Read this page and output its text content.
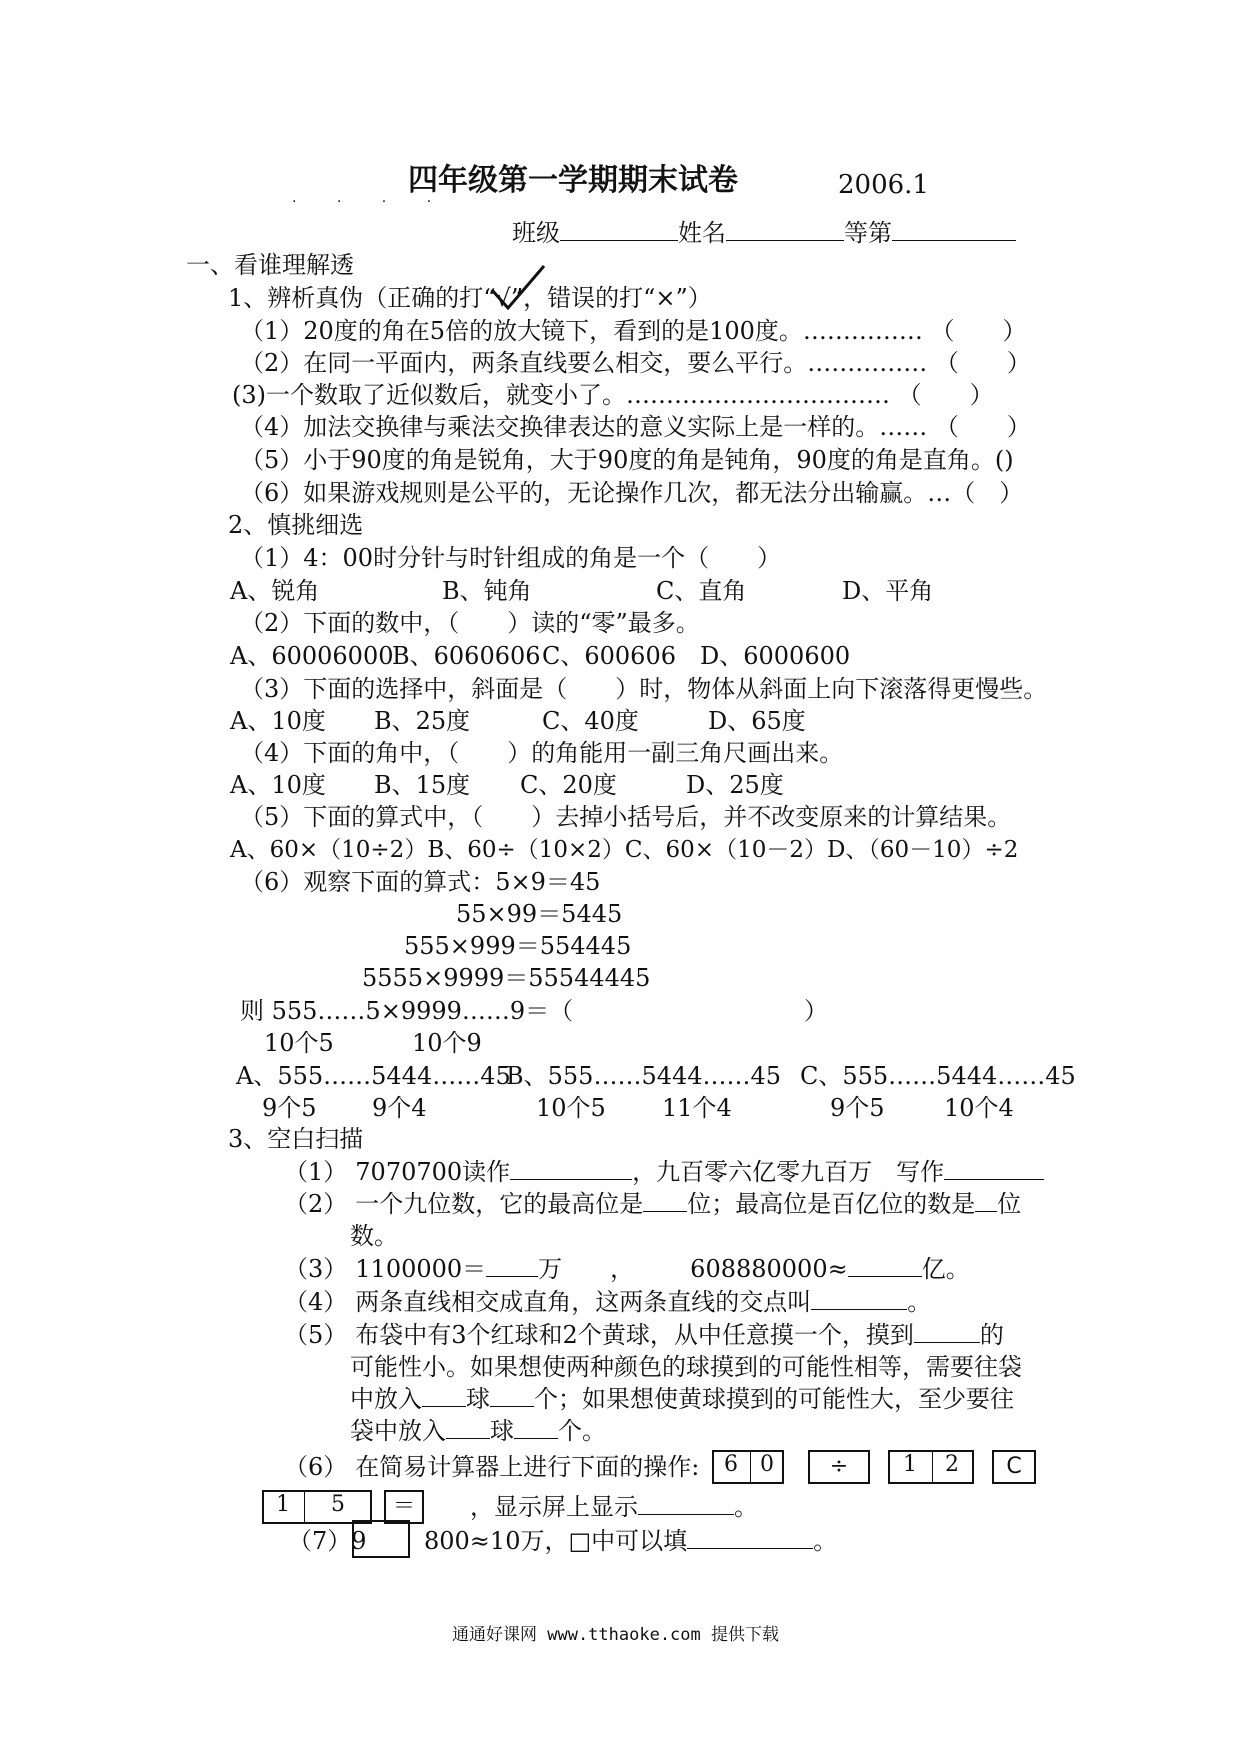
. . . .
四年级第一学期期末试卷	2006.1
班级	姓名	等第
一、看谁理解透
1、辨析真伪（正确的打“√”，错误的打“×”）
（1）20度的角在5倍的放大镜下，看到的是100度。…………… （　　）
（2）在同一平面内，两条直线要么相交，要么平行。…………… （　　）
(3)一个数取了近似数后，就变小了。…………………………… （　　）
（4）加法交换律与乘法交换律表达的意义实际上是一样的。…… （　　）
（5）小于90度的角是锐角，大于90度的角是钝角，90度的角是直角。()
（6）如果游戏规则是公平的，无论操作几次，都无法分出输赢。…（　）
2、慎挑细选
（1）4：00时分针与时针组成的角是一个（　　）
A、锐角	B、钝角	C、直角	D、平角
（2）下面的数中，（　　）读的“零”最多。
A、60006000
B、6060606 C、600606 D、6000600
（3）下面的选择中，斜面是（　　）时，物体从斜面上向下滚落得更慢些。
A、10度 B、25度	C、40度	D、65度
（4）下面的角中，（　　）的角能用一副三角尺画出来。
A、10度 B、15度 C、20度	D、25度
（5）下面的算式中，（　　）去掉小括号后，并不改变原来的计算结果。
A、60×（10÷2）B、60÷（10×2）C、60×（10－2）D、（60－10）÷2
（6）观察下面的算式：5×9＝45
55×99＝5445
555×999＝554445
5555×9999＝55544445
则 555……5×9999……9＝（	）
10个5	10个9
A、555……5444……45
B、555……5444……45 C、555……5444……45
9个5 9个4	10个5 11个4	9个5 10个4
3、空白扫描
（1） 7070700读作	，九百零六亿零九百万　写作
（2） 一个九位数，它的最高位是 位；最高位是百亿位的数是 位
数。
（3） 1100000＝ 万　　， 608880000≈	亿。
（4） 两条直线相交成直角，这两条直线的交点叫	。
（5） 布袋中有3个红球和2个黄球，从中任意摸一个，摸到	的
可能性小。如果想使两种颜色的球摸到的可能性相等，需要往袋
中放入 球 个；如果想使黄球摸到的可能性大，至少要往
袋中放入 球 个。
（6） 在简易计算器上进行下面的操作:	6	0	÷	1	2	C
1	5	＝	，显示屏上显示	。
（7）9 800≈10万，□中可以填	。
通通好课网 www.tthaoke.com 提供下载
